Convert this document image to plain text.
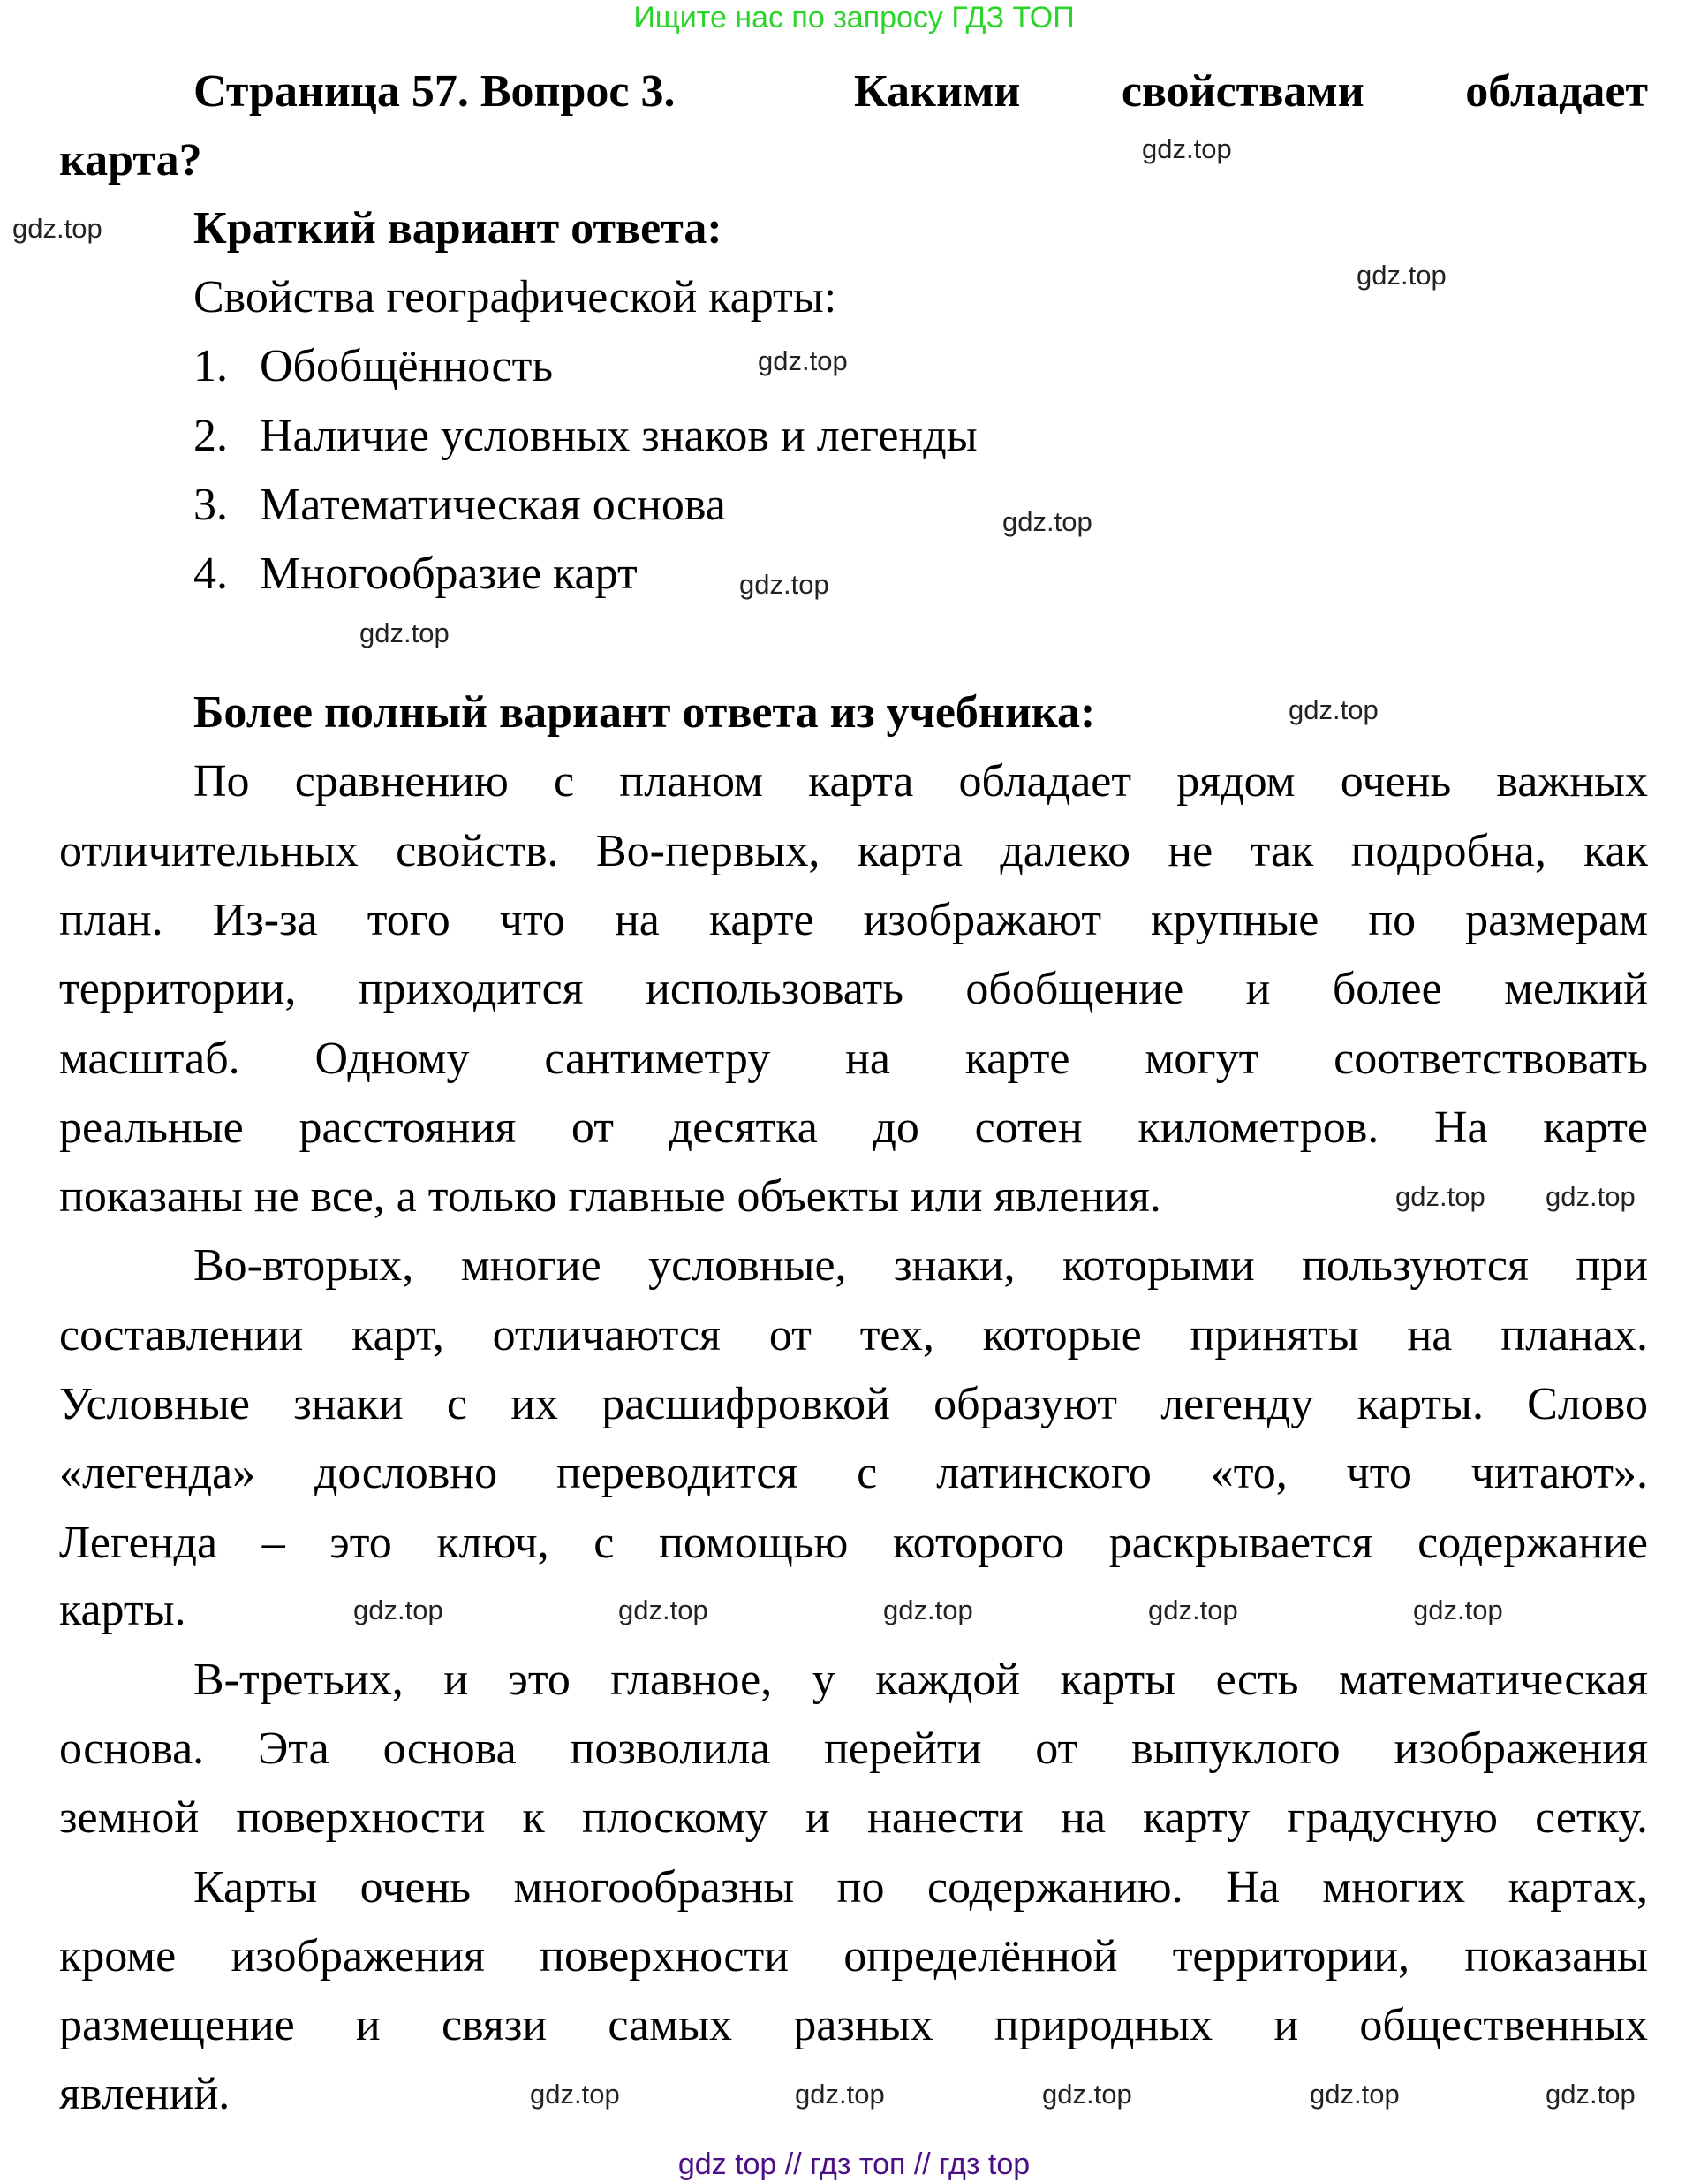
Ищите нас по запросу ГДЗ ТОП
Страница 57. Вопрос 3.	Какими свойствами обладает
карта?
Краткий вариант ответа:
Свойства географической карты:
1. Обобщённость
2. Наличие условных знаков и легенды
3. Математическая основа
4. Многообразие карт
Более полный вариант ответа из учебника:
По сравнению с планом карта обладает рядом очень важных
отличительных свойств. Во-первых, карта далеко не так подробна, как
план. Из-за того что на карте изображают крупные по размерам
территории, приходится использовать обобщение и более мелкий
масштаб. Одному сантиметру на карте могут соответствовать
реальные расстояния от десятка до сотен километров. На карте
показаны не все, а только главные объекты или явления.
Во-вторых, многие условные, знаки, которыми пользуются при
составлении карт, отличаются от тех, которые приняты на планах.
Условные знаки с их расшифровкой образуют легенду карты. Слово
«легенда» дословно переводится с латинского «то, что читают».
Легенда – это ключ, с помощью которого раскрывается содержание
карты.
В-третьих, и это главное, у каждой карты есть математическая
основа. Эта основа позволила перейти от выпуклого изображения
земной поверхности к плоскому и нанести на карту градусную сетку.
Карты очень многообразны по содержанию. На многих картах,
кроме изображения поверхности определённой территории, показаны
размещение и связи самых разных природных и общественных
явлений.
gdz.top
gdz.top
gdz.top
gdz.top
gdz.top
gdz.top
gdz.top
gdz.top
gdz.top gdz.top
gdz.top	gdz.top	gdz.top	gdz.top	gdz.top
gdz.top	gdz.top	gdz.top	gdz.top	gdz.top
gdz top // гдз топ // гдз top
